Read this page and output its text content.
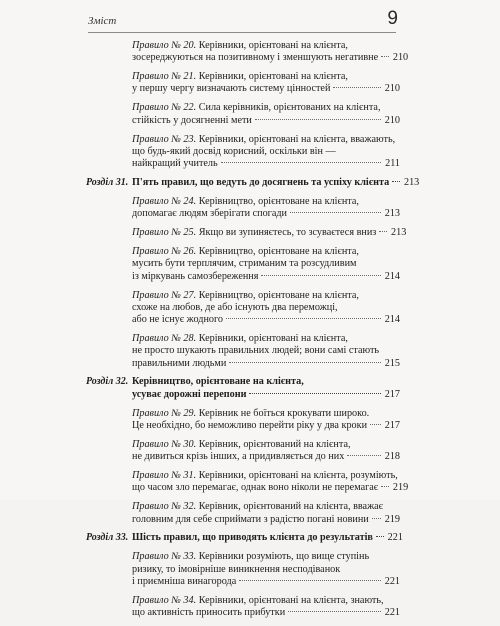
Зміст	9
Правило № 20. Керівники, орієнтовані на клієнта,
зосереджуються на позитивному і зменшують негативне 210
Правило № 21. Керівники, орієнтовані на клієнта,
у першу чергу визначають систему цінностей	210
Правило № 22. Сила керівників, орієнтованих на клієнта,
стійкість у досягненні мети	210
Правило № 23. Керівники, орієнтовані на клієнта, вважають,
що будь-який досвід корисний, оскільки він —
найкращий учитель	211
Розділ 31. П'ять правил, що ведуть до досягнень та успіху клієнта 213
Правило № 24. Керівництво, орієнтоване на клієнта,
допомагає людям зберігати спогади	213
Правило № 25. Якщо ви зупиняєтесь, то зсуваєтеся вниз 213
Правило № 26. Керівництво, орієнтоване на клієнта,
мусить бути терплячим, стриманим та розсудливим
із міркувань самозбереження	214
Правило № 27. Керівництво, орієнтоване на клієнта,
схоже на любов, де або існують два переможці,
або не існує жодного	214
Правило № 28. Керівники, орієнтовані на клієнта,
не просто шукають правильних людей; вони самі стають
правильними людьми	215
Розділ 32. Керівництво, орієнтоване на клієнта,
усуває дорожні перепони	217
Правило № 29. Керівник не боїться крокувати широко.
Це необхідно, бо неможливо перейти ріку у два кроки 217
Правило № 30. Керівник, орієнтований на клієнта,
не дивиться крізь інших, а придивляється до них	218
Правило № 31. Керівники, орієнтовані на клієнта, розуміють,
що часом зло перемагає, однак воно ніколи не перемагає 219
Правило № 32. Керівник, орієнтований на клієнта, вважає
головним для себе сприймати з радістю погані новини 219
Розділ 33. Шість правил, що приводять клієнта до результатів 221
Правило № 33. Керівники розуміють, що вище ступінь
ризику, то імовірніше виникнення несподіванок
і приємніша винагорода	221
Правило № 34. Керівники, орієнтовані на клієнта, знають,
що активність приносить прибутки	221
